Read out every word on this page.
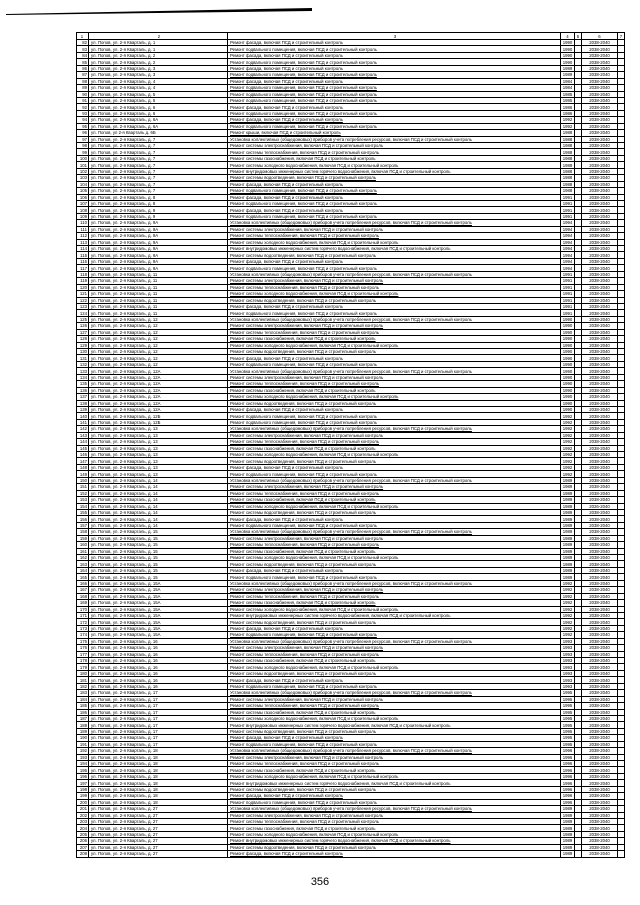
1	2	3	4	5	6	7
82	ул. Попов, ул. 2-я Кварталь, д. 1	Ремонт фасада, включая ПСД и строительный контроль	1990		2038-2040	
83	ул. Попов, ул. 2-я Кварталь, д. 1	Ремонт подвального помещения, включая ПСД и строительный контроль	1990		2038-2040	
84	ул. Попов, ул. 2-я Кварталь, д. 2	Ремонт фасада, включая ПСД и строительный контроль	1990		2038-2040	
85	ул. Попов, ул. 2-я Кварталь, д. 2	Ремонт подвального помещения, включая ПСД и строительный контроль	1990		2038-2040	
86	ул. Попов, ул. 2-я Кварталь, д. 3	Ремонт фасада, включая ПСД и строительный контроль	1989		2038-2040	
87	ул. Попов, ул. 2-я Кварталь, д. 3	Ремонт подвального помещения, включая ПСД и строительный контроль	1989		2038-2040	
88	ул. Попов, ул. 2-я Кварталь, д. 4	Ремонт фасада, включая ПСД и строительный контроль	1984		2038-2040	
89	ул. Попов, ул. 2-я Кварталь, д. 4	Ремонт подвального помещения, включая ПСД и строительный контроль	1984		2038-2040	
90	ул. Попов, ул. 2-я Кварталь, д. 5	Ремонт подвального помещения, включая ПСД и строительный контроль	1985		2038-2040	
91	ул. Попов, ул. 2-я Кварталь, д. 5	Ремонт подвального помещения, включая ПСД и строительный контроль	1985		2038-2040	
92	ул. Попов, ул. 2-я Кварталь, д. 6	Ремонт фасада, включая ПСД и строительный контроль	1986		2038-2040	
93	ул. Попов, ул. 2-я Кварталь, д. 6	Ремонт подвального помещения, включая ПСД и строительный контроль	1986		2038-2040	
94	ул. Попов, ул. 2-я Кварталь, д. 6А	Ремонт фасада, включая ПСД и строительный контроль	1992		2038-2040	
95	ул. Попов, ул. 2-я Кварталь, д. 6А	Ремонт подвального помещения, включая ПСД и строительный контроль	1992		2038-2040	
96	ул. Попов, ул 2-я Кварталь д. 6Б	Ремонт крыши, включая ПСД и строительный контроль	1988		2038-2040	
97	ул. Попов, ул. 2-я Кварталь, д. 7	Установка коллективных (общедомовых) приборов учета потребления ресурсов, включая ПСД и строительный контроль	1988		2038-2040	
98	ул. Попов, ул. 2-я Кварталь, д. 7	Ремонт системы электроснабжения, включая ПСД и строительный контроль	1988		2038-2040	
99	ул. Попов, ул. 2-я Кварталь, д. 7	Ремонт системы теплоснабжения, включая ПСД и строительный контроль	1988		2038-2040	
100	ул. Попов, ул. 2-я Кварталь, д. 7	Ремонт системы газоснабжения, включая ПСД и строительный контроль	1988		2038-2040	
101	ул. Попов, ул. 2-я Кварталь, д. 7	Ремонт системы холодного водоснабжения, включая ПСД и строительный контроль	1988		2038-2040	
102	ул. Попов, ул. 2-я Кварталь, д. 7	Ремонт внутридомовых инженерных систем горячего водоснабжения, включая ПСД и строительный контроль	1988		2038-2040	
103	ул. Попов, ул. 2-я Кварталь, д. 7	Ремонт системы водоотведения, включая ПСД и строительный контроль	1988		2038-2040	
104	ул. Попов, ул. 2-я Кварталь, д. 7	Ремонт фасада, включая ПСД и строительный контроль	1988		2038-2040	
105	ул. Попов, ул. 2-я Кварталь, д. 7	Ремонт подвального помещения, включая ПСД и строительный контроль	1988		2038-2040	
106	ул. Попов, ул. 2-я Кварталь, д. 8	Ремонт фасада, включая ПСД и строительный контроль	1991		2038-2040	
107	ул. Попов, ул. 2-я Кварталь, д. 8	Ремонт подвального помещения, включая ПСД и строительный контроль	1991		2038-2040	
108	ул. Попов, ул. 2-я Кварталь, д. 9	Ремонт фасада, включая ПСД и строительный контроль	1991		2038-2040	
109	ул. Попов, ул. 2-я Кварталь, д. 9	Ремонт подвального помещения, включая ПСД и строительный контроль	1991		2038-2040	
110	ул. Попов, ул. 2-я Кварталь, д. 9А	Установка коллективных (общедомовых) приборов учета потребления ресурсов, включая ПСД и строительный контроль	1994		2038-2040	
111	ул. Попов, ул. 2-я Кварталь, д. 9А	Ремонт системы электроснабжения, включая ПСД и строительный контроль	1994		2038-2040	
112	ул. Попов, ул. 2-я Кварталь, д. 9А	Ремонт системы теплоснабжения, включая ПСД и строительный контроль	1994		2038-2040	
113	ул. Попов, ул. 2-я Кварталь, д. 9А	Ремонт системы холодного водоснабжения, включая ПСД и строительный контроль	1994		2038-2040	
114	ул. Попов, ул. 2-я Кварталь, д. 9А	Ремонт внутридомовых инженерных систем горячего водоснабжения, включая ПСД и строительный контроль	1994		2038-2040	
115	ул. Попов, ул. 2-я Кварталь, д. 9А	Ремонт системы водоотведения, включая ПСД и строительный контроль	1994		2038-2040	
116	ул. Попов, ул. 2-я Кварталь, д. 9А	Ремонт фасада, включая ПСД и строительный контроль	1994		2038-2040	
117	ул. Попов, ул. 2-я Кварталь, д. 9А	Ремонт подвального помещения, включая ПСД и строительный контроль	1994		2038-2040	
118	ул. Попов, ул. 2-я Кварталь, д. 11	Установка коллективных (общедомовых) приборов учета потребления ресурсов, включая ПСД и строительный контроль	1991		2038-2040	
119	ул. Попов, ул. 2-я Кварталь, д. 11	Ремонт системы электроснабжения, включая ПСД и строительный контроль	1991		2038-2040	
120	ул. Попов, ул. 2-я Кварталь, д. 11	Ремонт системы теплоснабжения, включая ПСД и строительный контроль	1991		2026-2040	
121	ул. Попов, ул. 2-я Кварталь, д. 11	Ремонт системы холодного водоснабжения, включая ПСД и строительный контроль	1991		2038-2040	
122	ул. Попов, ул. 2-я Кварталь, д. 11	Ремонт системы водоотведения, включая ПСД и строительный контроль	1991		2038-2040	
123	ул. Попов, ул. 2-я Кварталь, д. 11	Ремонт фасада, включая ПСД и строительный контроль	1991		2038-2040	
124	ул. Попов, ул. 2-я Кварталь, д. 11	Ремонт подвального помещения, включая ПСД и строительный контроль	1991		2038-2040	
125	ул. Попов, ул. 2-я Кварталь, д. 12	Установка коллективных (общедомовых) приборов учета потребления ресурсов, включая ПСД и строительный контроль	1990		2038-2040	
126	ул. Попов, ул. 2-я Кварталь, д. 12	Ремонт системы электроснабжения, включая ПСД и строительный контроль	1990		2038-2040	
127	ул. Попов, ул. 2-я Кварталь, д. 12	Ремонт системы теплоснабжения, включая ПСД и строительный контроль	1990		2038-2040	
128	ул. Попов, ул. 2-я Кварталь, д. 12	Ремонт системы газоснабжения, включая ПСД и строительный контроль	1990		2038-2040	
129	ул. Попов, ул. 2-я Кварталь, д. 12	Ремонт системы холодного водоснабжения, включая ПСД и строительный контроль	1990		2038-2040	
130	ул. Попов, ул. 2-я Кварталь, д. 12	Ремонт системы водоотведения, включая ПСД и строительный контроль	1990		2038-2040	
131	ул. Попов, ул. 2-я Кварталь, д. 12	Ремонт фасада, включая ПСД и строительный контроль	1990		2038-2040	
132	ул. Попов, ул. 2-я Кварталь, д. 12	Ремонт подвального помещения, включая ПСД и строительный контроль	1990		2038-2040	
133	ул. Попов, ул. 2-я Кварталь, д. 12А	Установка коллективных (общедомовых) приборов учета потребления ресурсов, включая ПСД и строительный контроль	1990		2038-2040	
134	ул. Попов, ул. 2-я Кварталь, д. 12А	Ремонт системы электроснабжения, включая ПСД и строительный контроль	1990		2038-2040	
135	ул. Попов, ул. 2-я Кварталь, д. 12А	Ремонт системы теплоснабжения, включая ПСД и строительный контроль	1990		2038-2040	
136	ул. Попов, ул. 2-я Кварталь, д. 12А	Ремонт системы газоснабжения, включая ПСД и строительный контроль	1990		2038-2040	
137	ул. Попов, ул. 2-я Кварталь, д. 12А	Ремонт системы холодного водоснабжения, включая ПСД и строительный контроль	1990		2038-2040	
138	ул. Попов, ул. 2-я Кварталь, д. 12А	Ремонт системы водоотведения, включая ПСД и строительный контроль	1990		2038-2040	
139	ул. Попов, ул. 2-я Кварталь, д. 12А	Ремонт фасада, включая ПСД и строительный контроль	1990		2038-2040	
140	ул. Попов, ул. 2-я Кварталь, д. 12Б	Ремонт подвального помещения, включая ПСД и строительный контроль	1992		2038-2040	
141	ул. Попов, ул. 2-я Кварталь, д. 12Б	Ремонт подвального помещения, включая ПСД и строительный контроль	1992		2038-2040	
142	ул. Попов, ул. 2-я Кварталь, д. 13	Установка коллективных (общедомовых) приборов учета потребления ресурсов, включая ПСД и строительный контроль	1992		2038-2040	
143	ул. Попов, ул. 2-я Кварталь, д. 13	Ремонт системы электроснабжения, включая ПСД и строительный контроль	1992		2038-2040	
144	ул. Попов, ул. 2-я Кварталь, д. 13	Ремонт системы теплоснабжения, включая ПСД и строительный контроль	1992		2038-2040	
145	ул. Попов, ул. 2-я Кварталь, д. 13	Ремонт системы газоснабжения, включая ПСД и строительный контроль	1992		2038-2040	
146	ул. Попов, ул. 2-я Кварталь, д. 13	Ремонт системы холодного водоснабжения, включая ПСД и строительный контроль	1992		2038-2040	
147	ул. Попов, ул. 2-я Кварталь, д. 13	Ремонт системы водоотведения, включая ПСД и строительный контроль	1992		2038-2040	
148	ул. Попов, ул. 2-я Кварталь, д. 13	Ремонт фасада, включая ПСД и строительный контроль	1992		2038-2040	
149	ул. Попов, ул. 2-я Кварталь, д. 13	Ремонт подвального помещения, включая ПСД и строительный контроль	1992		2038-2040	
150	ул. Попов, ул. 2-я Кварталь, д. 14	Установка коллективных (общедомовых) приборов учета потребления ресурсов, включая ПСД и строительный контроль	1989		2038-2040	
151	ул. Попов, ул. 2-я Кварталь, д. 14	Ремонт системы электроснабжения, включая ПСД и строительный контроль	1989		2038-2040	
152	ул. Попов, ул. 2-я Кварталь, д. 14	Ремонт системы теплоснабжения, включая ПСД и строительный контроль	1989		2038-2040	
153	ул. Попов, ул. 2-я Кварталь, д. 14	Ремонт системы газоснабжения, включая ПСД и строительный контроль	1989		2038-2040	
154	ул. Попов, ул. 2-я Кварталь, д. 14	Ремонт системы холодного водоснабжения, включая ПСД и строительный контроль	1989		2026-2040	
155	ул. Попов, ул. 2-я Кварталь, д. 14	Ремонт системы водоотведения, включая ПСД и строительный контроль	1989		2038-2040	
156	ул. Попов, ул. 2-я Кварталь, д. 14	Ремонт фасада, включая ПСД и строительный контроль	1989		2038-2040	
157	ул. Попов, ул. 2-я Кварталь, д. 14	Ремонт подвального помещения, включая ПСД и строительный контроль	1989		2038-2040	
158	ул. Попов, ул. 2-я Кварталь, д. 15	Установка коллективных (общедомовых) приборов учета потребления ресурсов, включая ПСД и строительный контроль	1989		2038-2040	
159	ул. Попов, ул. 2-я Кварталь, д. 15	Ремонт системы электроснабжения, включая ПСД и строительный контроль	1989		2038-2040	
160	ул. Попов, ул. 2-я Кварталь, д. 15	Ремонт системы теплоснабжения, включая ПСД и строительный контроль	1989		2038-2040	
161	ул. Попов, ул. 2-я Кварталь, д. 15	Ремонт системы газоснабжения, включая ПСД и строительный контроль	1989		2038-2040	
162	ул. Попов, ул. 2-я Кварталь, д. 15	Ремонт системы холодного водоснабжения, включая ПСД и строительный контроль	1989		2038-2040	
163	ул. Попов, ул. 2-я Кварталь, д. 15	Ремонт системы водоотведения, включая ПСД и строительный контроль	1989		2038-2040	
164	ул. Попов, ул. 2-я Кварталь, д. 15	Ремонт фасада, включая ПСД и строительный контроль	1989		2038-2040	
165	ул. Попов, ул. 2-я Кварталь, д. 15	Ремонт подвального помещения, включая ПСД и строительный контроль	1989		2038-2040	
166	ул. Попов, ул. 2-я Кварталь, д. 15А	Установка коллективных (общедомовых) приборов учета потребления ресурсов, включая ПСД и строительный контроль	1992		2038-2040	
167	ул. Попов, ул. 2-я Кварталь, д. 15А	Ремонт системы электроснабжения, включая ПСД и строительный контроль	1992		2038-2040	
168	ул. Попов, ул. 2-я Кварталь, д. 15А	Ремонт системы теплоснабжения, включая ПСД и строительный контроль	1992		2038-2040	
169	ул. Попов, ул. 2-я Кварталь, д. 15А	Ремонт системы газоснабжения, включая ПСД и строительный контроль	1992		2038-2040	
170	ул. Попов, ул. 2-я Кварталь, д. 15А	Ремонт системы холодного водоснабжения, включая ПСД и строительный контроль	1992		2038-2040	
171	ул. Попов, ул. 2-я Кварталь, д. 15А	Ремонт внутридомовых инженерных систем горячего водоснабжения, включая ПСД и строительный контроль	1992		2038-2040	
172	ул. Попов, ул. 2-я Кварталь, д. 15А	Ремонт системы водоотведения, включая ПСД и строительный контроль	1992		2038-2040	
173	ул. Попов, ул. 2-я Кварталь, д. 15А	Ремонт фасада, включая ПСД и строительный контроль	1992		2038-2040	
174	ул. Попов, ул. 2-я Кварталь, д. 15А	Ремонт подвального помещения, включая ПСД и строительный контроль	1992		2038-2040	
175	ул. Попов, ул. 2-я Кварталь, д. 16	Установка коллективных (общедомовых) приборов учета потребления ресурсов, включая ПСД и строительный контроль	1993		2038-2040	
176	ул. Попов, ул. 2-я Кварталь, д. 16	Ремонт системы электроснабжения, включая ПСД и строительный контроль	1993		2038-2040	
177	ул. Попов, ул. 2-я Кварталь, д. 16	Ремонт системы теплоснабжения, включая ПСД и строительный контроль	1993		2038-2040	
178	ул. Попов, ул. 2-я Кварталь, д. 16	Ремонт системы газоснабжения, включая ПСД и строительный контроль	1993		2038-2040	
179	ул. Попов, ул. 2-я Кварталь, д. 16	Ремонт системы холодного водоснабжения, включая ПСД и строительный контроль	1993		2038-2040	
180	ул. Попов, ул. 2-я Кварталь, д. 16	Ремонт системы водоотведения, включая ПСД и строительный контроль	1993		2038-2040	
181	ул. Попов, ул. 2-я Кварталь, д. 16	Ремонт фасада, включая ПСД и строительный контроль	1993		2038-2040	
182	ул. Попов, ул. 2-я Кварталь, д. 16	Ремонт подвального помещения, включая ПСД и строительный контроль	1993		2038-2040	
183	ул. Попов, ул. 2-я Кварталь, д. 17	Установка коллективных (общедомовых) приборов учета потребления ресурсов, включая ПСД и строительный контроль	1995		2038-2040	
184	ул. Попов, ул. 2-я Кварталь, д. 17	Ремонт системы электроснабжения, включая ПСД и строительный контроль	1995		2038-2040	
185	ул. Попов, ул. 2-я Кварталь, д. 17	Ремонт системы теплоснабжения, включая ПСД и строительный контроль	1995		2038-2040	
186	ул. Попов, ул. 2-я Кварталь, д. 17	Ремонт системы газоснабжения, включая ПСД и строительный контроль	1995		2038-2040	
187	ул. Попов, ул. 2-я Кварталь, д. 17	Ремонт системы холодного водоснабжения, включая ПСД и строительный контроль	1995		2038-2040	
188	ул. Попов, ул. 2-я Кварталь, д. 17	Ремонт внутридомовых инженерных систем горячего водоснабжения, включая ПСД и строительный контроль	1995		2038-2040	
189	ул. Попов, ул. 2-я Кварталь, д. 17	Ремонт системы водоотведения, включая ПСД и строительный контроль	1995		2038-2040	
190	ул. Попов, ул. 2-я Кварталь, д. 17	Ремонт фасада, включая ПСД и строительный контроль	1995		2038-2040	
191	ул. Попов, ул. 2-я Кварталь, д. 17	Ремонт подвального помещения, включая ПСД и строительный контроль	1995		2038-2040	
192	ул. Попов, ул. 2-я Кварталь, д. 18	Установка коллективных (общедомовых) приборов учета потребления ресурсов, включая ПСД и строительный контроль	1996		2038-2040	
193	ул. Попов, ул. 2-я Кварталь, д. 18	Ремонт системы электроснабжения, включая ПСД и строительный контроль	1996		2038-2040	
194	ул. Попов, ул. 2-я Кварталь, д. 18	Ремонт системы теплоснабжения, включая ПСД и строительный контроль	1996		2038-2040	
195	ул. Попов, ул. 2-я Кварталь, д. 18	Ремонт системы газоснабжения, включая ПСД и строительный контроль	1996		2038-2040	
196	ул. Попов, ул. 2-я Кварталь, д. 18	Ремонт системы холодного водоснабжения, включая ПСД и строительный контроль	1996		2038-2040	
197	ул. Попов, ул. 2-я Кварталь, д. 18	Ремонт внутридомовых инженерных систем горячего водоснабжения, включая ПСД и строительный контроль	1996		2038-2040	
198	ул. Попов, ул. 2-я Кварталь, д. 18	Ремонт системы водоотведения, включая ПСД и строительный контроль	1996		2038-2040	
199	ул. Попов, ул. 2-я Кварталь, д. 18	Ремонт фасада, включая ПСД и строительный контроль	1996		2038-2040	
200	ул. Попов, ул. 2-я Кварталь, д. 18	Ремонт подвального помещения, включая ПСД и строительный контроль	1996		2038-2040	
201	ул. Попов, ул. 2-я Кварталь, д. 27	Установка коллективных (общедомовых) приборов учета потребления ресурсов, включая ПСД и строительный контроль	1989		2038-2040	
202	ул. Попов, ул. 2-я Кварталь, д. 27	Ремонт системы электроснабжения, включая ПСД и строительный контроль	1989		2038-2040	
203	ул. Попов, ул. 2-я Кварталь, д. 27	Ремонт системы теплоснабжения, включая ПСД и строительный контроль	1989		2038-2040	
204	ул. Попов, ул. 2-я Кварталь, д. 27	Ремонт системы газоснабжения, включая ПСД и строительный контроль	1989		2038-2040	
205	ул. Попов, ул. 2-я Кварталь, д. 27	Ремонт системы холодного водоснабжения, включая ПСД и строительный контроль	1989		2038-2040	
206	ул. Попов, ул. 2-я Кварталь, д. 27	Ремонт внутридомовых инженерных систем горячего водоснабжения, включая ПСД и строительный контроль	1989		2038-2040	
207	ул. Попов, ул. 2-я Кварталь, д. 27	Ремонт системы водоотведения, включая ПСД и строительный контроль	1989		2038-2040	
208	ул. Попов, ул. 2-я Кварталь, д. 27	Ремонт фасада, включая ПСД и строительный контроль	1989		2038-2040	
356
